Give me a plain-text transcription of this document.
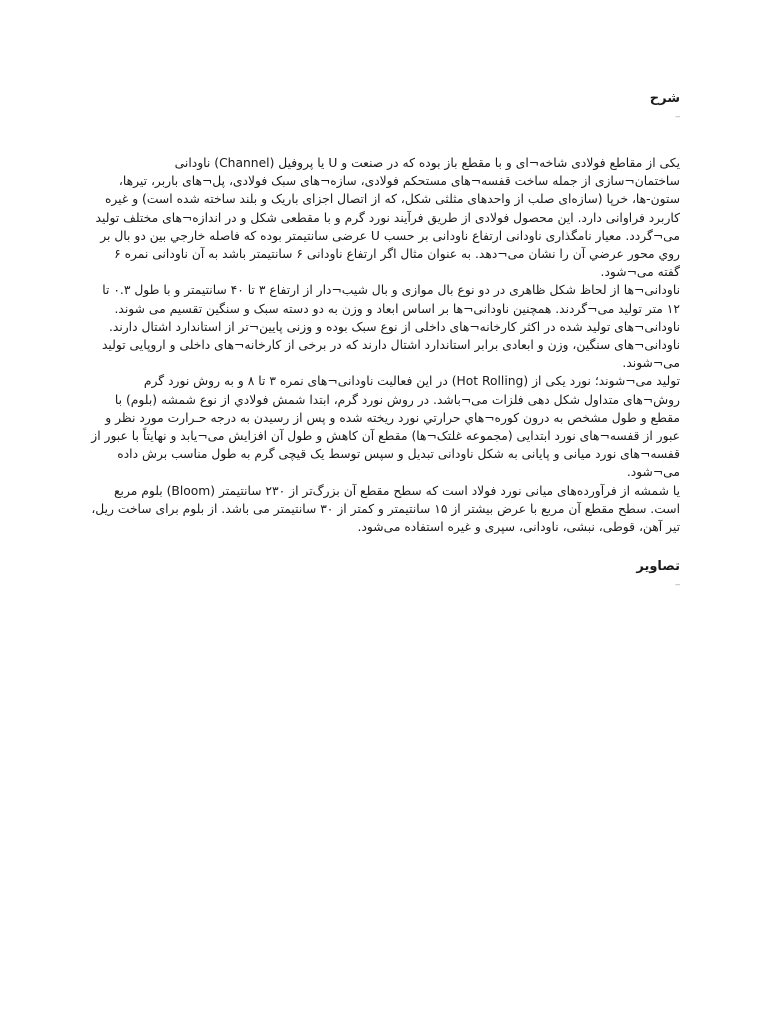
شرح
_

یکی از مقاطع فولادی شاخه¬ای و با مقطع باز بوده که در صنعت و U یا پروفیل (Channel) ناودانی ساختمان¬سازی از جمله ساخت قفسه¬های مستحکم فولادی، سازه¬های سبک فولادی، پل¬های باربر، تیرها، ستون-ها، خرپا (سازه‌ای صلب از واحدهای مثلثی شکل، که از اتصال اجزای باریک و بلند ساخته شده است) و غیره کاربرد فراوانی دارد. این محصول فولادی از طریق فرآیند نورد گرم و با مقطعی شکل و در اندازه¬های مختلف تولید می¬گردد. معیار نامگذاری ناودانی ارتفاع ناودانی بر حسب U عرضی سانتیمتر بوده که فاصله خارجي بین دو بال بر روي محور عرضي آن را نشان می¬دهد. به عنوان مثال اگر ارتفاع ناودانی ۶ سانتیمتر باشد به آن ناودانی نمره ۶ گفته می¬شود.

ناودانی¬ها از لحاظ شکل ظاهری در دو نوع بال موازی و بال شیب¬دار از ارتفاع ۳ تا ۴۰ سانتیمتر و با طول ۰.۳ تا ۱۲ متر تولید می¬گردند. همچنین ناودانی¬ها بر اساس ابعاد و وزن به دو دسته سبک و سنگین تقسیم می شوند. ناودانی¬های تولید شده در اکثر کارخانه¬های داخلی از نوع سبک بوده و وزنی پایین¬تر از استاندارد اشتال دارند. ناودانی¬های سنگین، وزن و ابعادی برابر استاندارد اشتال دارند که در برخی از کارخانه¬های داخلی و اروپایی تولید می¬شوند.

تولید می¬شوند؛ نورد یکی از (Hot Rolling) در این فعالیت ناودانی¬های نمره ۳ تا ۸ و به روش نورد گرم روش¬های متداول شکل دهی فلزات می¬باشد. در روش نورد گرم، ابتدا شمش فولادي از نوع شمشه (بلوم) با مقطع و طول مشخص به درون کوره¬هاي حرارتي نورد ریخته شده و پس از رسیدن به درجه حـرارت مورد نظر و عبور از قفسه¬های نورد ابتدایی (مجموعه غلتک¬ها) مقطع آن کاهش و طول آن افزایش می¬یابد و نهایتاً با عبور از قفسه¬های نورد میانی و پایانی به شکل ناودانی تبدیل و سپس توسط یک قیچی گرم به طول مناسب برش داده می¬شود.

یا شمشه از فرآورده‌های میانی نورد فولاد است که سطح مقطع آن بزرگ‌تر از ۲۳۰ سانتیمتر (Bloom) بلوم مربع است. سطح مقطع آن مربع با عرض بیشتر از ۱۵ سانتیمتر و کمتر از ۳۰ سانتیمتر می باشد. از بلوم برای ساخت ریل، تیر آهن، قوطی، نبشی، ناودانی، سپری و غیره استفاده می‌شود.

تصاویر
_
